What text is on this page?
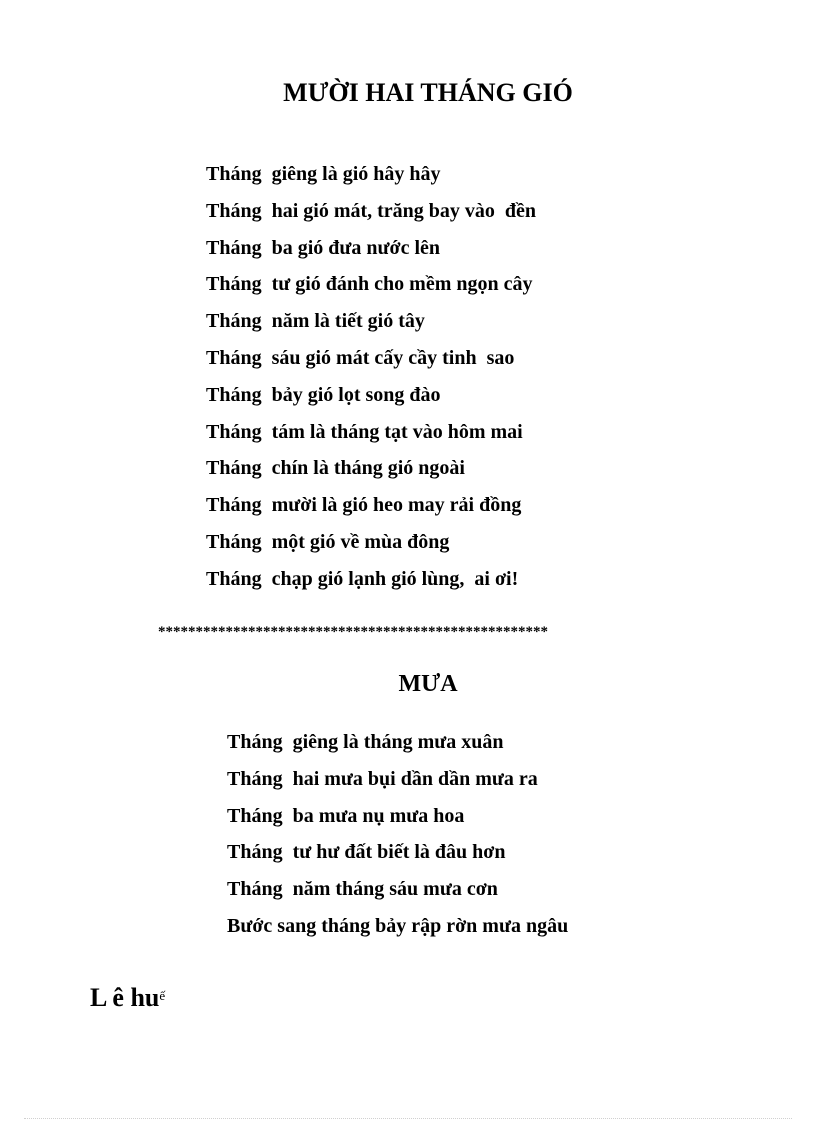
MƯỜI HAI THÁNG GIÓ
Tháng  giêng là gió hây hây
Tháng  hai gió mát, trăng bay vào  đền
Tháng  ba gió đưa nước lên
Tháng  tư gió đánh cho mềm ngọn cây
Tháng  năm là tiết gió tây
Tháng  sáu gió mát cấy cầy tinh  sao
Tháng  bảy gió lọt song đào
Tháng  tám là tháng tạt vào hôm mai
Tháng  chín là tháng gió ngoài
Tháng  mười là gió heo may rải đồng
Tháng  một gió về mùa đông
Tháng  chạp gió lạnh gió lùng,  ai ơi!
****************************************************
MƯA
Tháng  giêng là tháng mưa xuân
Tháng  hai mưa bụi dần dần mưa ra
Tháng  ba mưa nụ mưa hoa
Tháng  tư hư đất biết là đâu hơn
Tháng  năm tháng sáu mưa cơn
Bước sang tháng bảy rập rờn mưa ngâu
L ê $hu^ế$
